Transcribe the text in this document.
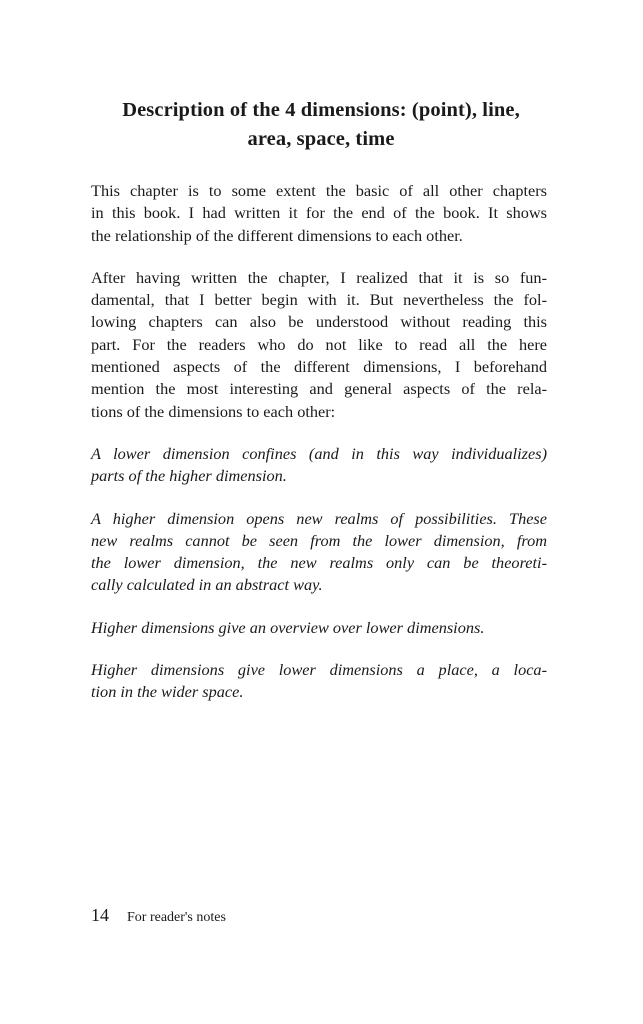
Description of the 4 dimensions: (point), line,
area, space, time

This chapter is to some extent the basic of all other chapters
in this book. I had written it for the end of the book. It shows
the relationship of the different dimensions to each other.

After having written the chapter, I realized that it is so fun-
damental, that I better begin with it. But nevertheless the fol-
lowing chapters can also be understood without reading this
part. For the readers who do not like to read all the here
mentioned aspects of the different dimensions, I beforehand
mention the most interesting and general aspects of the rela-
tions of the dimensions to each other:

A lower dimension confines (and in this way individualizes)
parts of the higher dimension.

A higher dimension opens new realms of possibilities. These
new realms cannot be seen from the lower dimension, from
the lower dimension, the new realms only can be theoreti-
cally calculated in an abstract way.

Higher dimensions give an overview over lower dimensions.

Higher dimensions give lower dimensions a place, a loca-
tion in the wider space.

14 For reader's notes
